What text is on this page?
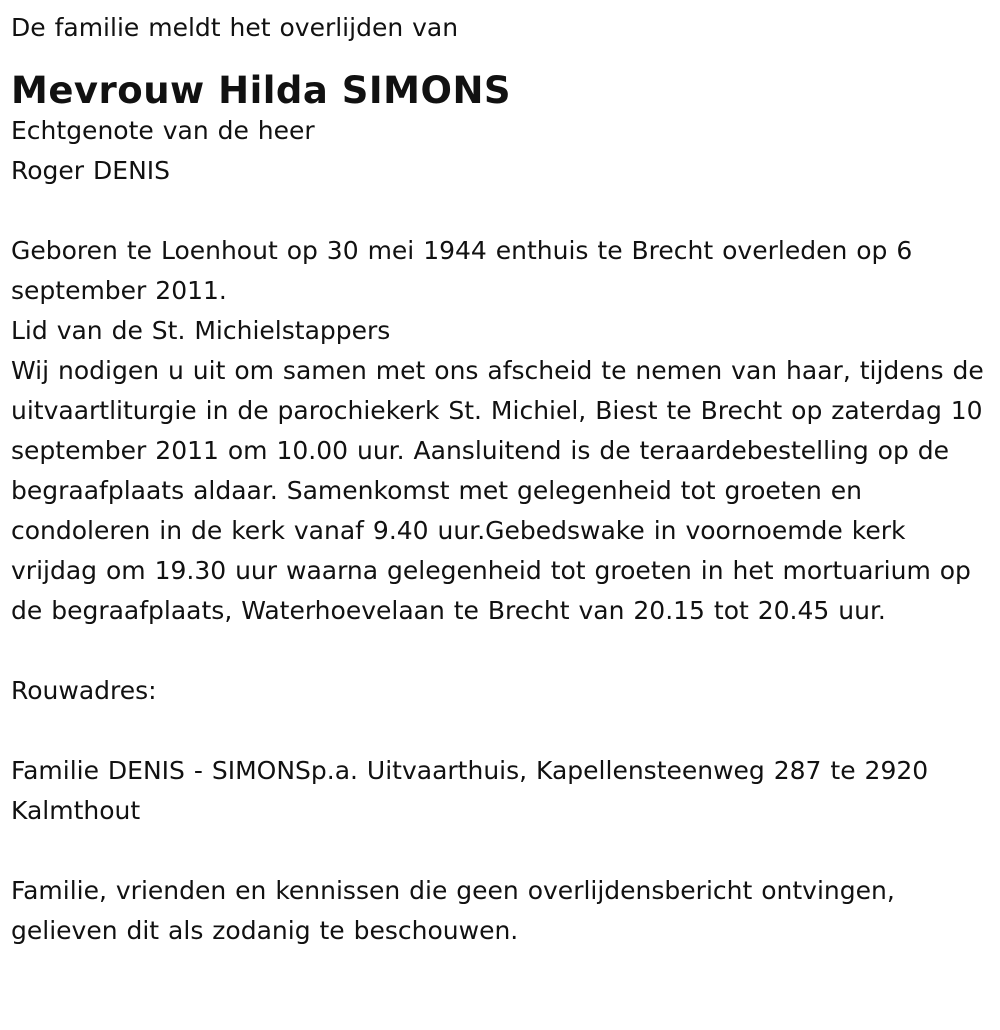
De familie meldt het overlijden van

Mevrouw Hilda SIMONS

Echtgenote van de heer

Roger DENIS

Geboren te Loenhout op 30 mei 1944 enthuis te Brecht overleden op 6 september 2011.

Lid van de St. Michielstappers

Wij nodigen u uit om samen met ons afscheid te nemen van haar, tijdens de uitvaartliturgie in de parochiekerk St. Michiel, Biest te Brecht op zaterdag 10 september 2011 om 10.00 uur. Aansluitend is de teraardebestelling op de begraafplaats aldaar. Samenkomst met gelegenheid tot groeten en condoleren in de kerk vanaf 9.40 uur.Gebedswake in voornoemde kerk vrijdag om 19.30 uur waarna gelegenheid tot groeten in het mortuarium op de begraafplaats, Waterhoevelaan te Brecht van 20.15 tot 20.45 uur.

Rouwadres:

Familie DENIS - SIMONSp.a. Uitvaarthuis, Kapellensteenweg 287 te 2920 Kalmthout

Familie, vrienden en kennissen die geen overlijdensbericht ontvingen, gelieven dit als zodanig te beschouwen.
